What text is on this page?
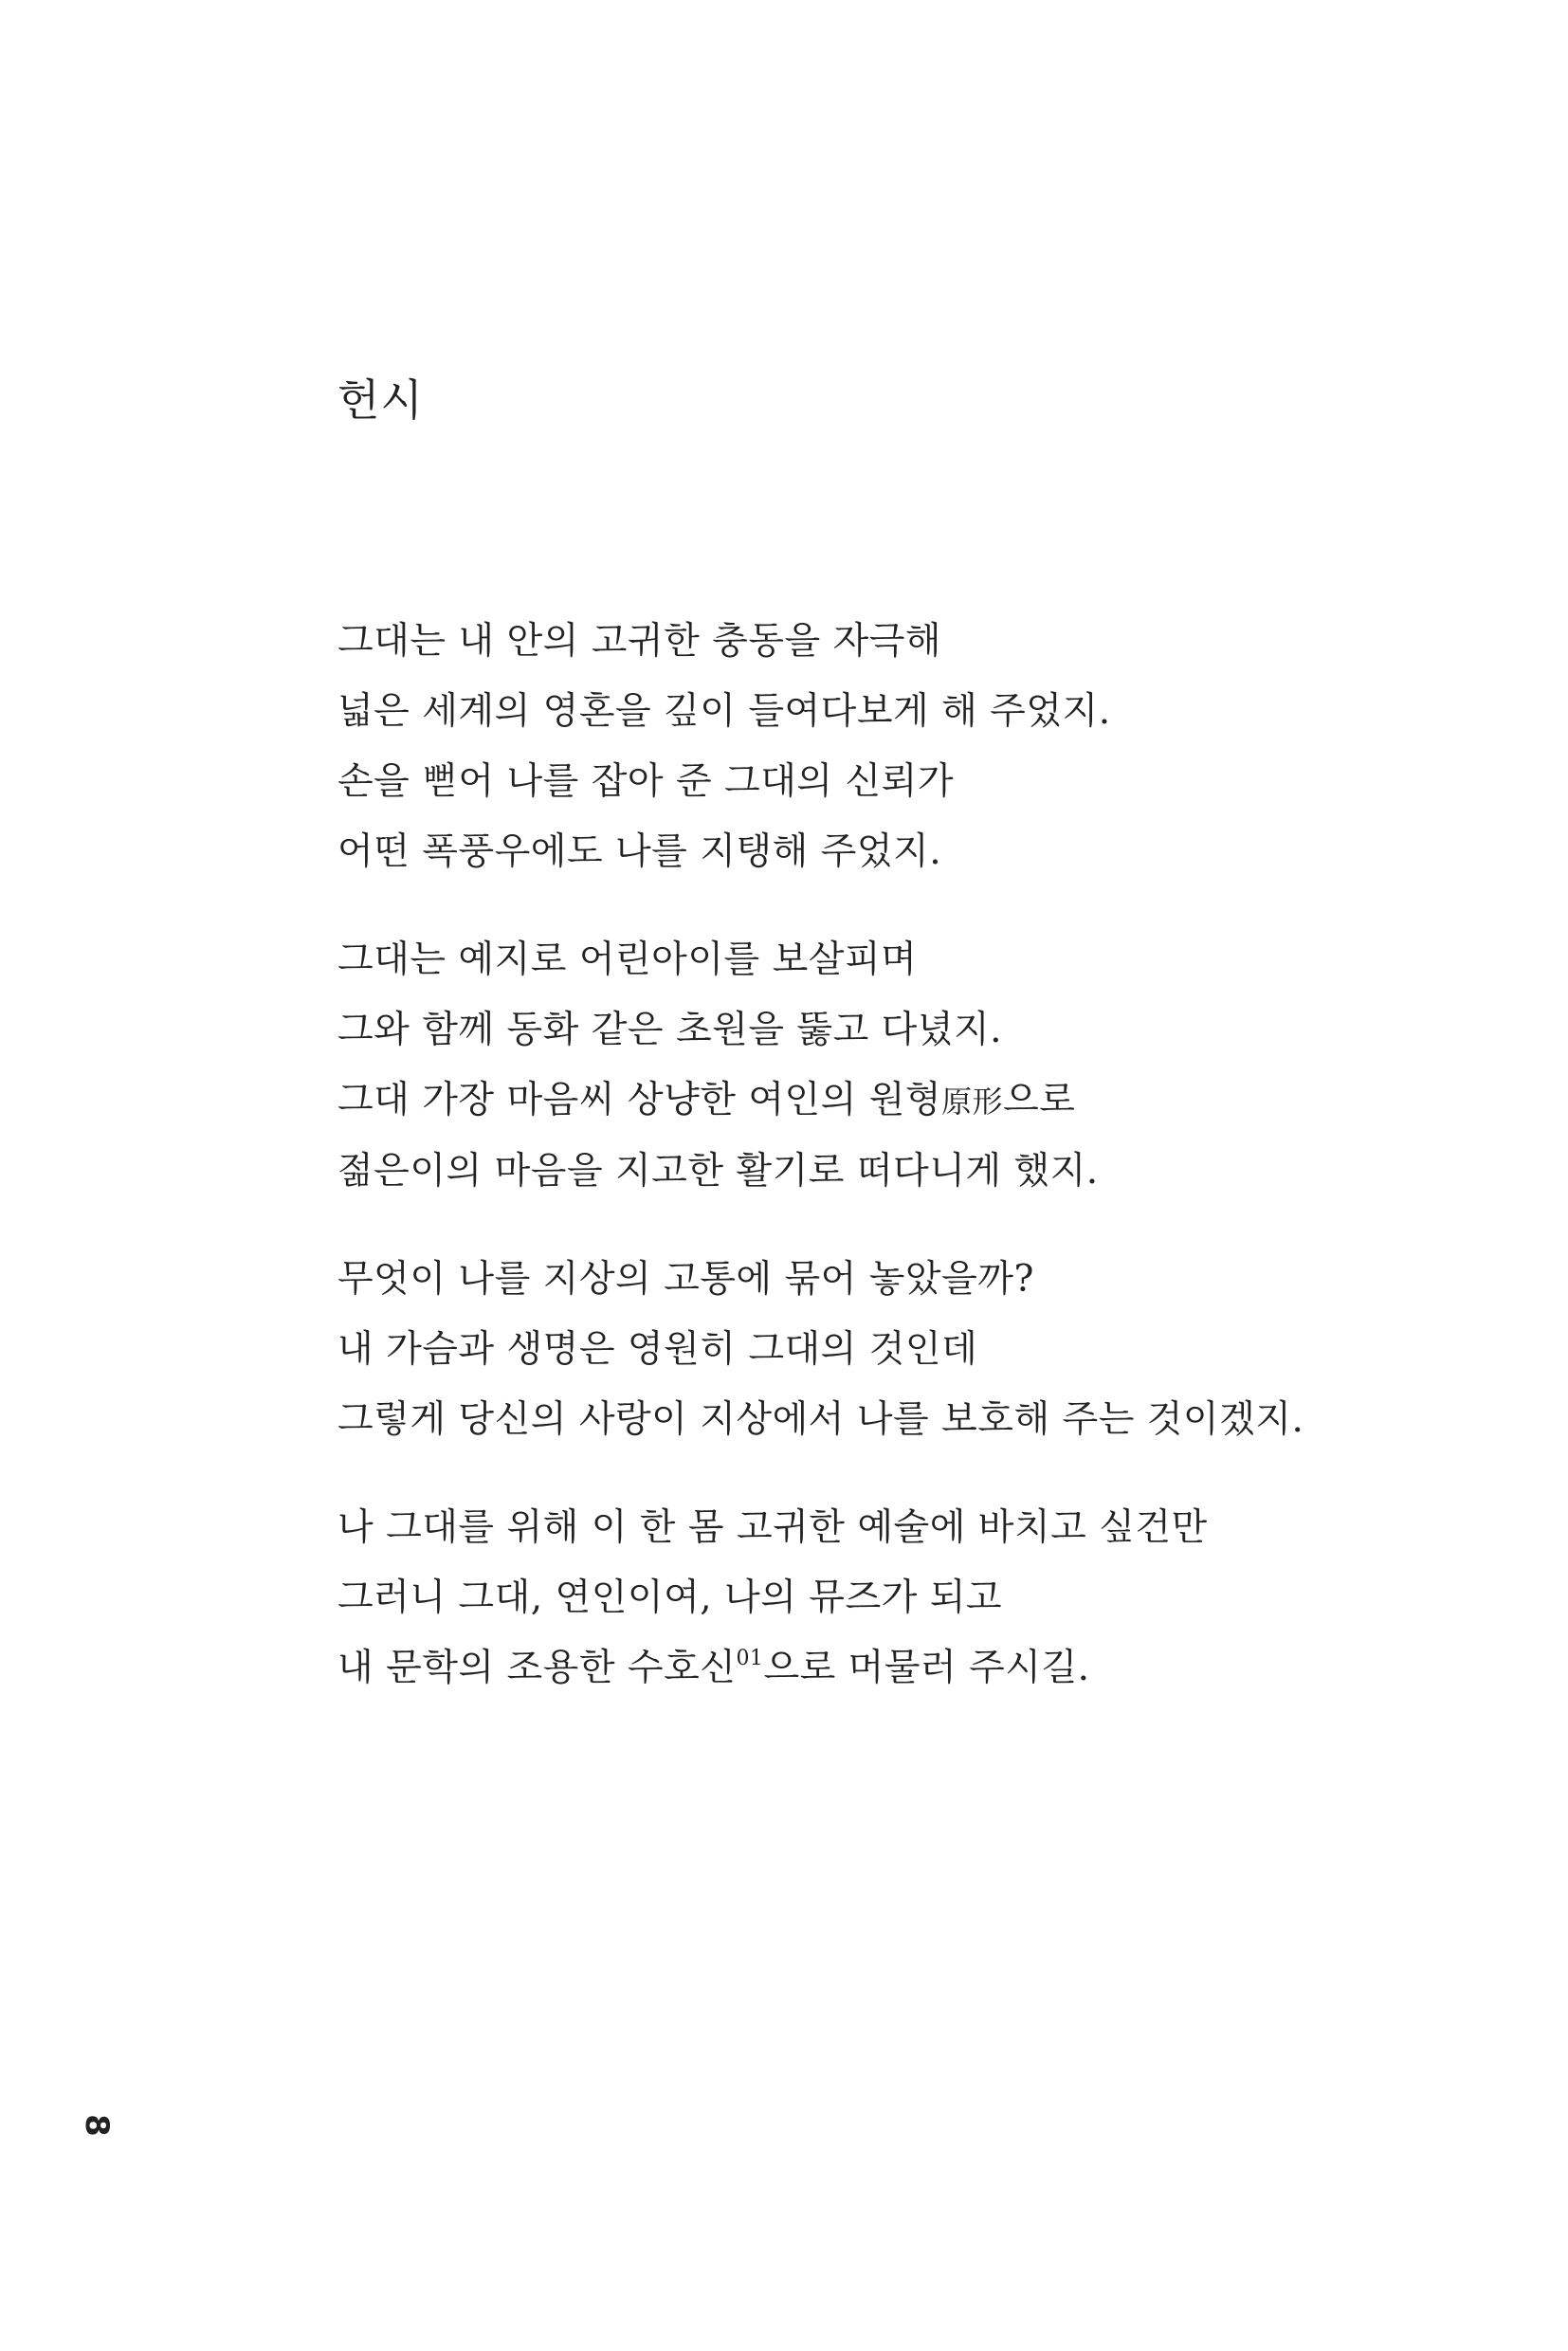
헌시

그대는 내 안의 고귀한 충동을 자극해
넓은 세계의 영혼을 깊이 들여다보게 해 주었지.
손을 뻗어 나를 잡아 준 그대의 신뢰가
어떤 폭풍우에도 나를 지탱해 주었지.

그대는 예지로 어린아이를 보살피며
그와 함께 동화 같은 초원을 뚫고 다녔지.
그대 가장 마음씨 상냥한 여인의 원형原形으로
젊은이의 마음을 지고한 활기로 떠다니게 했지.

무엇이 나를 지상의 고통에 묶어 놓았을까?
내 가슴과 생명은 영원히 그대의 것인데
그렇게 당신의 사랑이 지상에서 나를 보호해 주는 것이겠지.

나 그대를 위해 이 한 몸 고귀한 예술에 바치고 싶건만
그러니 그대, 연인이여, 나의 뮤즈가 되고
내 문학의 조용한 수호신$^{01}$으로 머물러 주시길.

8
